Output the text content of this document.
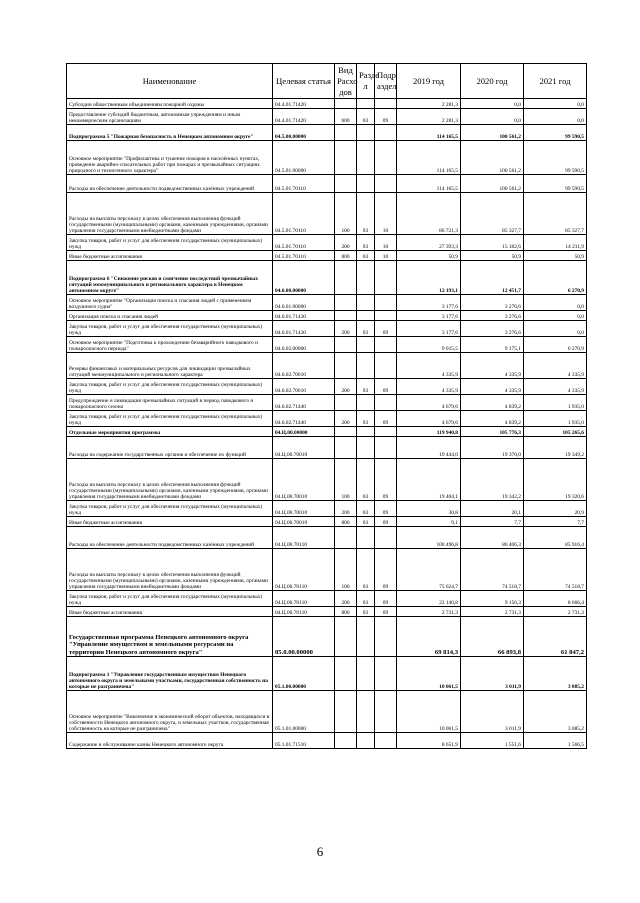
Наименование	Целевая статья	Вид Расхо дов	Разде л	Подр аздел	2019 год	2020 год	2021 год
Субсидии общественным объединениям пожарной охраны	04.4.01.71420				2 281,3	0,0	0,0
Предоставление субсидий бюджетным, автономным учреждениям и иным некоммерческим организациям	04.4.01.71420	600	03	09	2 281,3	0,0	0,0
Подпрограмма 5 "Пожарная безопасность в Ненецком автономном округе"	04.5.00.00000				114 165,5	100 561,2	99 590,5
Основное мероприятие "Профилактика и тушение пожаров в населённых пунктах, проведение аварийно-спасательных работ при пожарах и чрезвычайных ситуациях природного и техногенного характера"	04.5.01.00000				114 165,5	100 561,2	99 590,5
Расходы на обеспечение деятельности подведомственных казённых учреждений	04.5.01.70110				114 165,5	100 561,2	99 590,5
Расходы на выплаты персоналу в целях обеспечения выполнения функций государственными (муниципальными) органами, казенными учреждениями, органами управления государственными внебюджетными фондами	04.5.01.70110	100	03	10	86 721,3	85 327,7	85 327,7
Закупка товаров, работ и услуг для обеспечения государственных (муниципальных) нужд	04.5.01.70110	200	03	10	27 393,3	15 182,6	14 211,9
Иные бюджетные ассигнования	04.5.01.70110	800	03	10	50,9	50,9	50,9
Подпрограмма 6 "Снижение рисков и смягчение последствий чрезвычайных ситуаций межмуниципального и регионального характера в Ненецком автономном округе"	04.6.00.00000				12 193,1	12 451,7	6 270,9
Основное мероприятие "Организация поиска и спасания людей с применением воздушного судна"	04.6.01.00000				3 177,6	3 276,6	0,0
Организация поиска и спасания людей	04.6.01.71430				3 177,6	3 276,6	0,0
Закупка товаров, работ и услуг для обеспечения государственных (муниципальных) нужд	04.6.01.71430	200	03	09	3 177,6	3 276,6	0,0
Основное мероприятие "Подготовка к прохождению безаварийного паводкового и пожароопасного периода"	04.6.02.00000				9 015,5	9 175,1	6 270,9
Резервы финансовых и материальных ресурсов для ликвидации чрезвычайных ситуаций межмуниципального и регионального характера	04.6.02.70610				4 335,9	4 335,9	4 335,9
Закупка товаров, работ и услуг для обеспечения государственных (муниципальных) нужд	04.6.02.70610	200	03	09	4 335,9	4 335,9	4 335,9
Предупреждение и ликвидация чрезвычайных ситуаций в период паводкового и пожароопасного сезона	04.6.02.71440				4 679,6	4 839,2	1 935,0
Закупка товаров, работ и услуг для обеспечения государственных (муниципальных) нужд	04.6.02.71440	200	03	09	4 679,6	4 839,2	1 935,0
Отдельные мероприятия программы	04.Ц.00.00000				119 940,8	105 776,3	105 265,6
Расходы на содержание государственных органов и обеспечение их функций	04.Ц.00.70010				19 444,0	19 370,0	19 349,2
Расходы на выплаты персоналу в целях обеспечения выполнения функций государственными (муниципальными) органами, казенными учреждениями, органами управления государственными внебюджетными фондами	04.Ц.00.70010	100	03	09	19 404,1	19 342,2	19 320,6
Закупка товаров, работ и услуг для обеспечения государственных (муниципальных) нужд	04.Ц.00.70010	200	03	09	30,8	20,1	20,9
Иные бюджетные ассигнования	04.Ц.00.70010	800	03	09	9,1	7,7	7,7
Расходы на обеспечение деятельности подведомственных казённых учреждений	04.Ц.00.70110				100 496,8	86 406,3	85 916,4
Расходы на выплаты персоналу в целях обеспечения выполнения функций государственными (муниципальными) органами, казенными учреждениями, органами управления государственными внебюджетными фондами	04.Ц.00.70110	100	03	09	75 624,7	74 518,7	74 518,7
Закупка товаров, работ и услуг для обеспечения государственных (муниципальных) нужд	04.Ц.00.70110	200	03	09	22 140,8	9 156,3	8 666,4
Иные бюджетные ассигнования	04.Ц.00.70110	800	03	09	2 731,3	2 731,3	2 731,3
Государственная программа Ненецкого автономного округа "Управление имуществом и земельными ресурсами на территории Ненецкого автономного округа"	05.0.00.00000				69 814,3	66 893,8	61 847,2
Подпрограмма 1 "Управление государственным имуществом Ненецкого автономного округа и земельными участками, государственная собственность на которые не разграничена"	05.1.00.00000				10 061,5	3 011,9	3 085,2
Основное мероприятие "Вовлечение в экономический оборот объектов, находящихся в собственности Ненецкого автономного округа, и земельных участков, государственная собственность на которые не разграничена"	05.1.01.00000				10 061,5	3 011,9	3 085,2
Содержание и обслуживание казны Ненецкого автономного округа	05.1.01.71510				8 651,9	1 551,6	1 566,5
6
